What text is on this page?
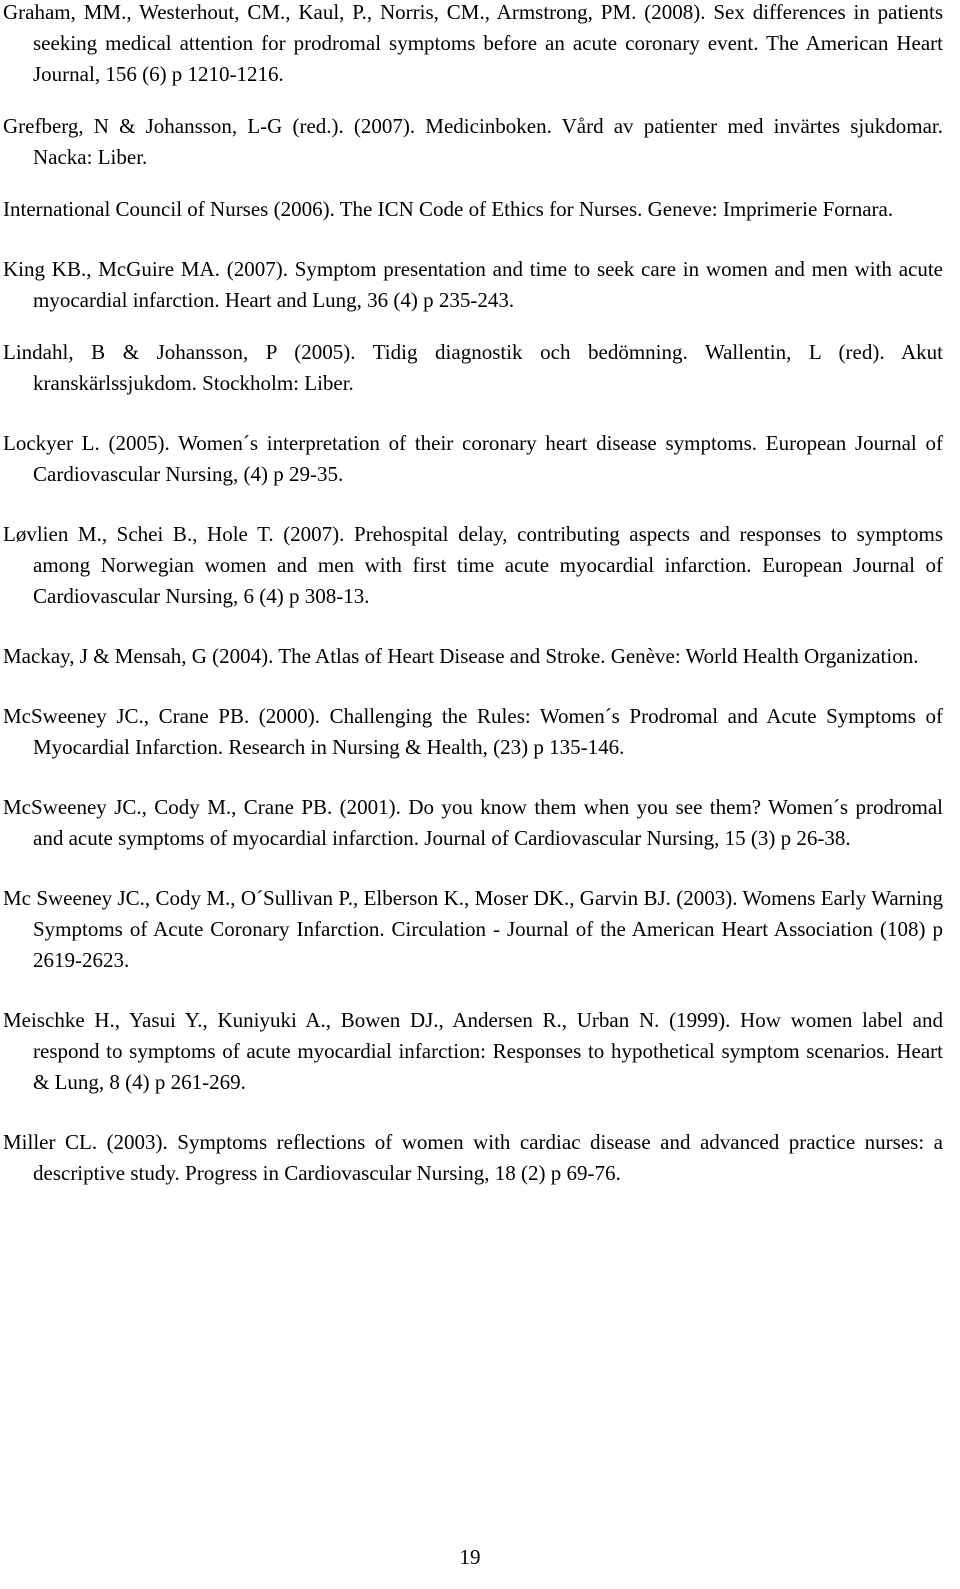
Graham, MM., Westerhout, CM., Kaul, P., Norris, CM., Armstrong, PM. (2008). Sex differences in patients seeking medical attention for prodromal symptoms before an acute coronary event. The American Heart Journal, 156 (6) p 1210-1216.

Grefberg, N & Johansson, L-G (red.). (2007). Medicinboken. Vård av patienter med invärtes sjukdomar. Nacka: Liber.

International Council of Nurses (2006). The ICN Code of Ethics for Nurses. Geneve: Imprimerie Fornara.

King KB., McGuire MA. (2007). Symptom presentation and time to seek care in women and men with acute myocardial infarction. Heart and Lung, 36 (4) p 235-243.

Lindahl, B & Johansson, P (2005). Tidig diagnostik och bedömning. Wallentin, L (red). Akut kranskärlssjukdom. Stockholm: Liber.

Lockyer L. (2005). Women´s interpretation of their coronary heart disease symptoms. European Journal of Cardiovascular Nursing, (4) p 29-35.

Løvlien M., Schei B., Hole T. (2007). Prehospital delay, contributing aspects and responses to symptoms among Norwegian women and men with first time acute myocardial infarction. European Journal of Cardiovascular Nursing, 6 (4) p 308-13.

Mackay, J & Mensah, G (2004). The Atlas of Heart Disease and Stroke. Genève: World Health Organization.

McSweeney JC., Crane PB. (2000). Challenging the Rules: Women´s Prodromal and Acute Symptoms of Myocardial Infarction. Research in Nursing & Health, (23) p 135-146.

McSweeney JC., Cody M., Crane PB. (2001). Do you know them when you see them? Women´s prodromal and acute symptoms of myocardial infarction. Journal of Cardiovascular Nursing, 15 (3) p 26-38.

Mc Sweeney JC., Cody M., O´Sullivan P., Elberson K., Moser DK., Garvin BJ. (2003). Womens Early Warning Symptoms of Acute Coronary Infarction. Circulation - Journal of the American Heart Association (108) p 2619-2623.

Meischke H., Yasui Y., Kuniyuki A., Bowen DJ., Andersen R., Urban N. (1999). How women label and respond to symptoms of acute myocardial infarction: Responses to hypothetical symptom scenarios. Heart & Lung, 8 (4) p 261-269.

Miller CL. (2003). Symptoms reflections of women with cardiac disease and advanced practice nurses: a descriptive study. Progress in Cardiovascular Nursing, 18 (2) p 69-76.

19
